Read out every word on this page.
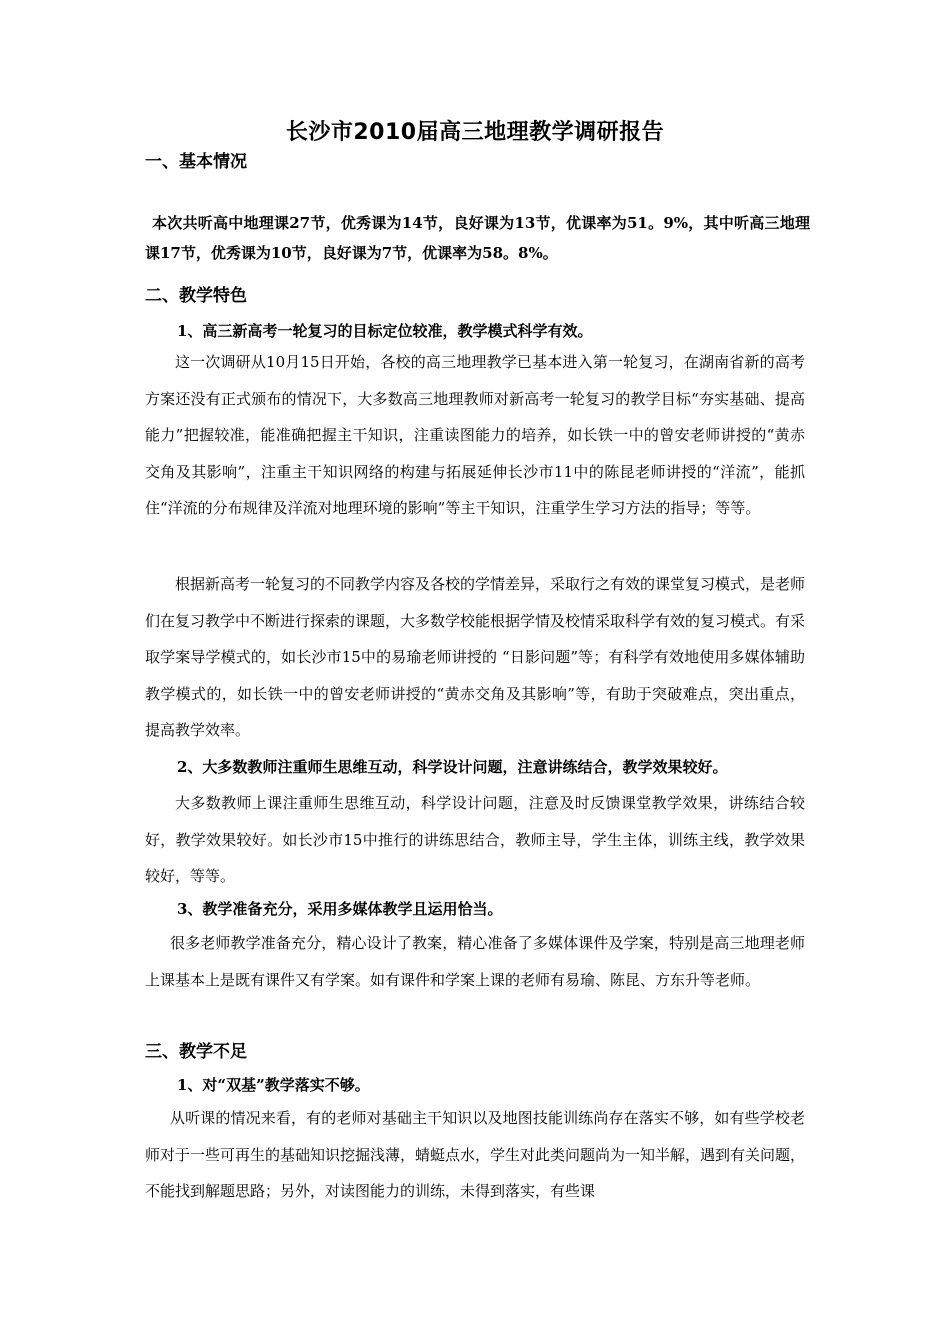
长沙市2010届高三地理教学调研报告
一、基本情况
本次共听高中地理课27节，优秀课为14节，良好课为13节，优课率为51。9%，其中听高三地理课17节，优秀课为10节，良好课为7节，优课率为58。8%。
二、教学特色
1、高三新高考一轮复习的目标定位较准，教学模式科学有效。
这一次调研从10月15日开始，各校的高三地理教学已基本进入第一轮复习，在湖南省新的高考方案还没有正式颁布的情况下，大多数高三地理教师对新高考一轮复习的教学目标“夯实基础、提高能力”把握较准，能准确把握主干知识，注重读图能力的培养，如长铁一中的曾安老师讲授的“黄赤交角及其影响”，注重主干知识网络的构建与拓展延伸长沙市11中的陈昆老师讲授的“洋流”，能抓住“洋流的分布规律及洋流对地理环境的影响”等主干知识，注重学生学习方法的指导；等等。
根据新高考一轮复习的不同教学内容及各校的学情差异，采取行之有效的课堂复习模式，是老师们在复习教学中不断进行探索的课题，大多数学校能根据学情及校情采取科学有效的复习模式。有采取学案导学模式的，如长沙市15中的易瑜老师讲授的 “日影问题”等；有科学有效地使用多媒体辅助教学模式的，如长铁一中的曾安老师讲授的“黄赤交角及其影响”等，有助于突破难点，突出重点，提高教学效率。
2、大多数教师注重师生思维互动，科学设计问题，注意讲练结合，教学效果较好。
大多数教师上课注重师生思维互动，科学设计问题，注意及时反馈课堂教学效果，讲练结合较好，教学效果较好。如长沙市15中推行的讲练思结合，教师主导，学生主体，训练主线，教学效果较好，等等。
3、教学准备充分，采用多媒体教学且运用恰当。
很多老师教学准备充分，精心设计了教案，精心准备了多媒体课件及学案，特别是高三地理老师上课基本上是既有课件又有学案。如有课件和学案上课的老师有易瑜、陈昆、方东升等老师。
三、教学不足
1、对“双基”教学落实不够。
从听课的情况来看，有的老师对基础主干知识以及地图技能训练尚存在落实不够，如有些学校老师对于一些可再生的基础知识挖掘浅薄，蜻蜓点水，学生对此类问题尚为一知半解，遇到有关问题，不能找到解题思路；另外，对读图能力的训练，未得到落实，有些课
